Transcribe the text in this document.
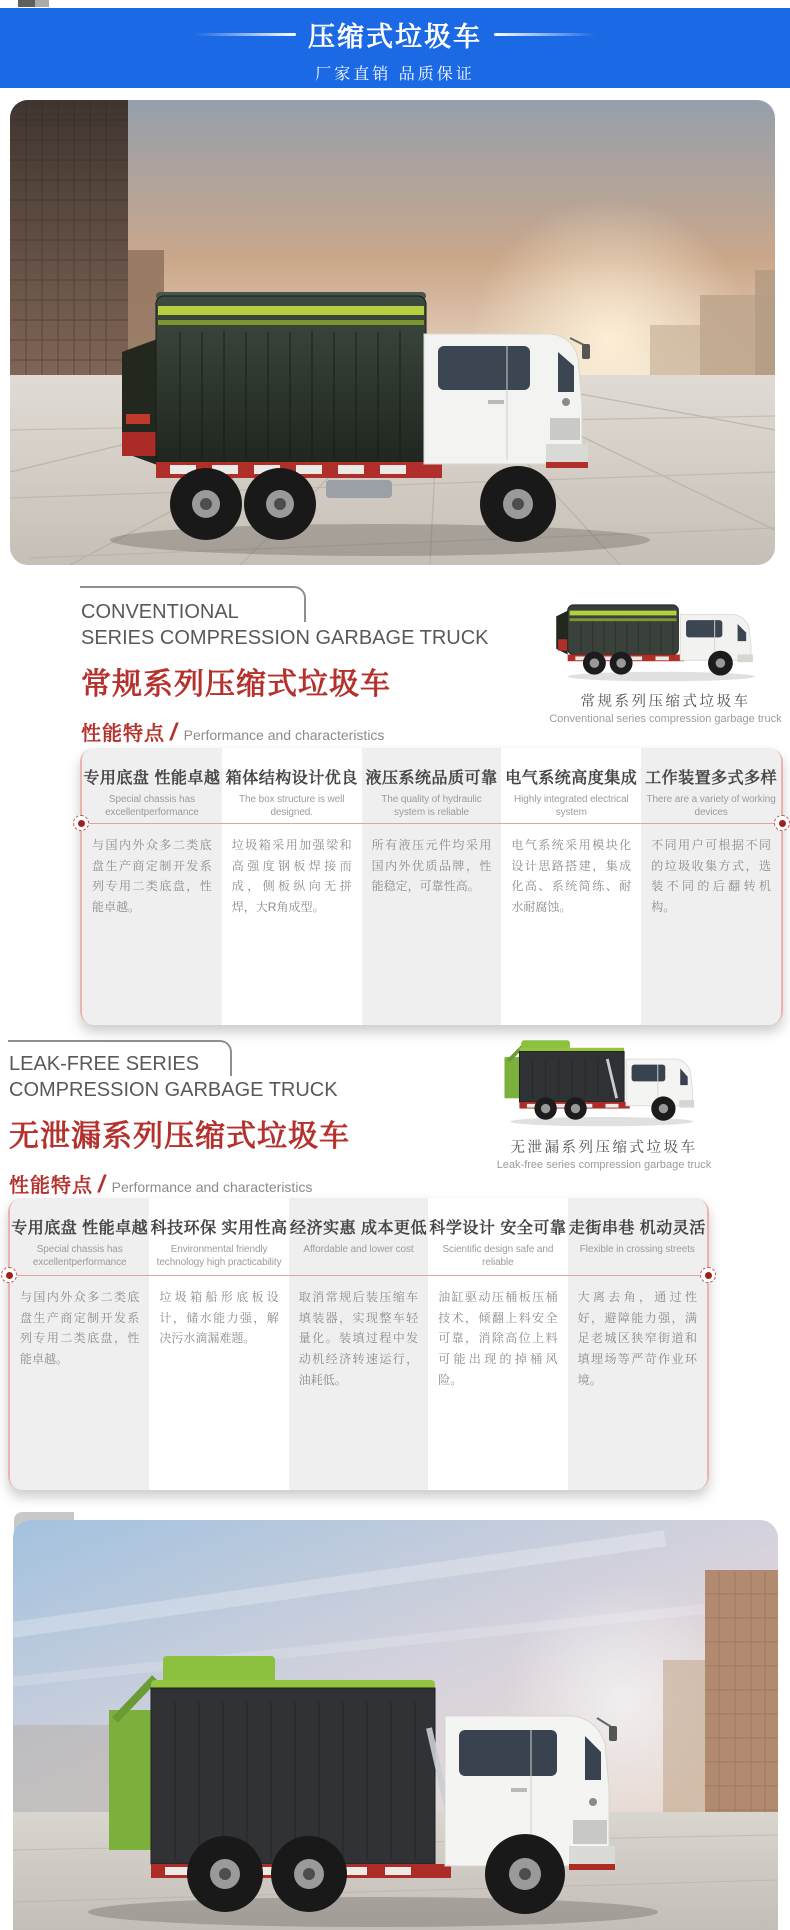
压缩式垃圾车
厂家直销 品质保证
CONVENTIONAL
SERIES COMPRESSION GARBAGE TRUCK
常规系列压缩式垃圾车
性能特点 / Performance and characteristics
常规系列压缩式垃圾车
Conventional series compression garbage truck
专用底盘 性能卓越
Special chassis has excellentperformance
与国内外众多二类底盘生产商定制开发系列专用二类底盘，性能卓越。
箱体结构设计优良
The box structure is well designed.
垃圾箱采用加强梁和高强度钢板焊接而成，侧板纵向无拼焊，大R角成型。
液压系统品质可靠
The quality of hydraulic system is reliable
所有液压元件均采用国内外优质品牌，性能稳定，可靠性高。
电气系统高度集成
Highly integrated electrical system
电气系统采用模块化设计思路搭建，集成化高、系统简练、耐水耐腐蚀。
工作装置多式多样
There are a variety of working devices
不同用户可根据不同的垃圾收集方式，选装不同的后翻转机构。
LEAK-FREE SERIES
COMPRESSION GARBAGE TRUCK
无泄漏系列压缩式垃圾车
性能特点 / Performance and characteristics
无泄漏系列压缩式垃圾车
Leak-free series compression garbage truck
专用底盘 性能卓越
Special chassis has excellentperformance
与国内外众多二类底盘生产商定制开发系列专用二类底盘，性能卓越。
科技环保 实用性高
Environmental friendly technology high practicability
垃圾箱船形底板设计，储水能力强，解决污水滴漏难题。
经济实惠 成本更低
Affordable and lower cost
取消常规后装压缩车填装器，实现整车轻量化。装填过程中发动机经济转速运行，油耗低。
科学设计 安全可靠
Scientific design safe and reliable
油缸驱动压桶板压桶技术，倾翻上料安全可靠，消除高位上料可能出现的掉桶风险。
走街串巷 机动灵活
Flexible in crossing streets
大离去角，通过性好，避障能力强，满足老城区狭窄街道和填埋场等严苛作业环境。
